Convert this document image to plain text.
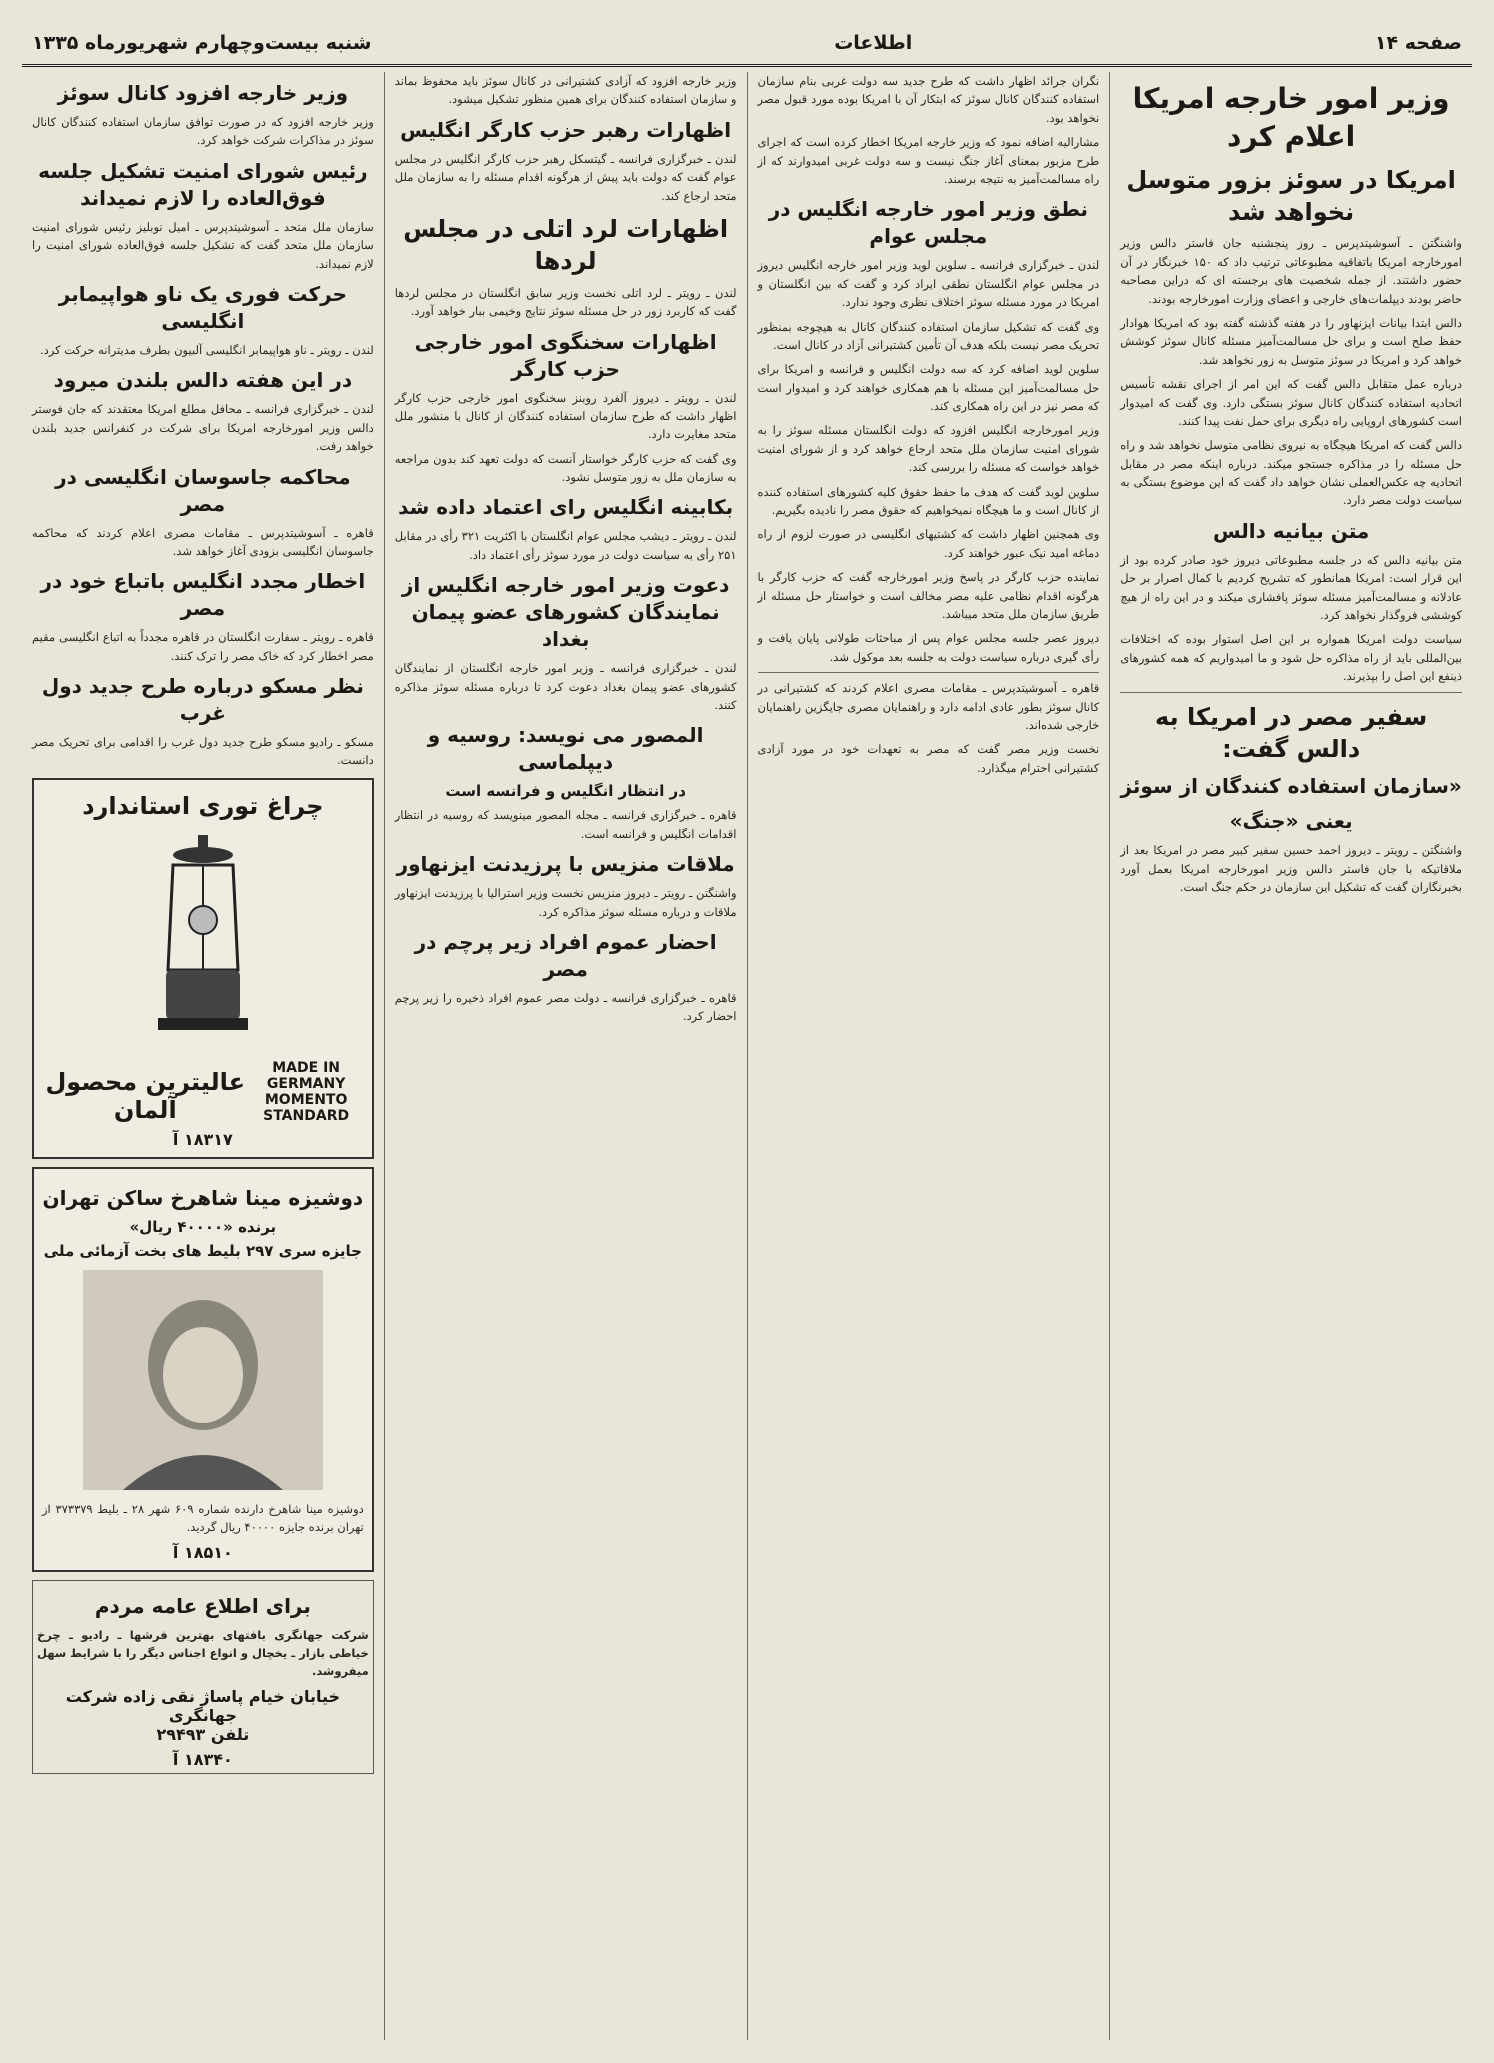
صفحه ۱۴
اطلاعات
شنبه بیست‌وچهارم شهریور‌ماه ۱۳۳۵
وزیر امور خارجه امریکا اعلام کرد
امریکا در سوئز بزور متوسل نخواهد شد

واشنگتن ـ آسوشیتدپرس ـ روز پنجشنبه جان فاستر دالس وزیر امورخارجه امریکا باتفاقیه مطبوعاتی ترتیب داد که ۱۵۰ خبرنگار در آن حضور داشتند. از جمله شخصیت های برجسته ای که دراین مصاحبه حاضر بودند دیپلمات‌های خارجی و اعضای وزارت امورخارجه بودند.

دالس ابتدا بیانات ایزنهاور را در هفته گذشته گفته بود که امریکا هوادار حفظ صلح است و برای حل مسالمت‌آمیز مسئله کانال سوئز کوشش خواهد کرد و امریکا در سوئز متوسل به زور نخواهد شد.

درباره عمل متقابل دالس گفت که این امر از اجرای نقشه تأسیس اتحادیه استفاده کنندگان کانال سوئز بستگی دارد. وی گفت که امیدوار است کشورهای اروپایی راه دیگری برای حمل نفت پیدا کنند.

دالس گفت که امریکا هیچگاه به نیروی نظامی متوسل نخواهد شد و راه حل مسئله را در مذاکره جستجو میکند. درباره اینکه مصر در مقابل اتحادیه چه عکس‌العملی نشان خواهد داد گفت که این موضوع بستگی به سیاست دولت مصر دارد.

متن بیانیه دالس

متن بیانیه دالس که در جلسه مطبوعاتی دیروز خود صادر کرده بود از این قرار است: امریکا همانطور که تشریح کردیم با کمال اصرار بر حل عادلانه و مسالمت‌آمیز مسئله سوئز پافشاری میکند و در این راه از هیچ کوششی فروگذار نخواهد کرد.

سیاست دولت امریکا همواره بر این اصل استوار بوده که اختلافات بین‌المللی باید از راه مذاکره حل شود و ما امیدواریم که همه کشورهای ذینفع این اصل را بپذیرند.

سفیر مصر در امریکا به دالس گفت:
«سازمان استفاده کنندگان از سوئز
یعنی «جنگ»

واشنگتن ـ رویتر ـ دیروز احمد حسین سفیر کبیر مصر در امریکا بعد از ملاقاتیکه با جان فاستر دالس وزیر امورخارجه امریکا بعمل آورد بخبرنگاران گفت که تشکیل این سازمان در حکم جنگ است.

نگران جرائد اظهار داشت که طرح جدید سه دولت غربی بنام سازمان استفاده کنندگان کانال سوئز که ابتکار آن با امریکا بوده مورد قبول مصر نخواهد بود.

مشارالیه اضافه نمود که وزیر خارجه امریکا اخطار کرده است که اجرای طرح مزبور بمعنای آغاز جنگ نیست و سه دولت غربی امیدوارند که از راه مسالمت‌آمیز به نتیجه برسند.

نطق وزیر امور خارجه انگلیس در مجلس عوام

لندن ـ خبرگزاری فرانسه ـ سلوین لوید وزیر امور خارجه انگلیس دیروز در مجلس عوام انگلستان نطقی ایراد کرد و گفت که بین انگلستان و امریکا در مورد مسئله سوئز اختلاف نظری وجود ندارد.

وی گفت که تشکیل سازمان استفاده کنندگان کانال به هیچوجه بمنظور تحریک مصر نیست بلکه هدف آن تأمین کشتیرانی آزاد در کانال است.

سلوین لوید اضافه کرد که سه دولت انگلیس و فرانسه و امریکا برای حل مسالمت‌آمیز این مسئله با هم همکاری خواهند کرد و امیدوار است که مصر نیز در این راه همکاری کند.

وزیر امورخارجه انگلیس افزود که دولت انگلستان مسئله سوئز را به شورای امنیت سازمان ملل متحد ارجاع خواهد کرد و از شورای امنیت خواهد خواست که مسئله را بررسی کند.

سلوین لوید گفت که هدف ما حفظ حقوق کلیه کشورهای استفاده کننده از کانال است و ما هیچگاه نمیخواهیم که حقوق مصر را نادیده بگیریم.

وی همچنین اظهار داشت که کشتیهای انگلیسی در صورت لزوم از راه دماغه امید نیک عبور خواهند کرد.

نماینده حزب کارگر در پاسخ وزیر امورخارجه گفت که حزب کارگر با هرگونه اقدام نظامی علیه مصر مخالف است و خواستار حل مسئله از طریق سازمان ملل متحد میباشد.

دیروز عصر جلسه مجلس عوام پس از مباحثات طولانی پایان یافت و رأی گیری درباره سیاست دولت به جلسه بعد موکول شد.

قاهره ـ آسوشیتدپرس ـ مقامات مصری اعلام کردند که کشتیرانی در کانال سوئز بطور عادی ادامه دارد و راهنمایان مصری جایگزین راهنمایان خارجی شده‌اند.

نخست وزیر مصر گفت که مصر به تعهدات خود در مورد آزادی کشتیرانی احترام میگذارد.

وزیر خارجه افزود که آزادی کشتیرانی در کانال سوئز باید محفوظ بماند و سازمان استفاده کنندگان برای همین منظور تشکیل میشود.

اظهارات رهبر حزب کارگر انگلیس

لندن ـ خبرگزاری فرانسه ـ گیتسکل رهبر حزب کارگر انگلیس در مجلس عوام گفت که دولت باید پیش از هرگونه اقدام مسئله را به سازمان ملل متحد ارجاع کند.

اظهارات لرد اتلی در مجلس لردها

لندن ـ رویتر ـ لرد اتلی نخست وزیر سابق انگلستان در مجلس لردها گفت که کاربرد زور در حل مسئله سوئز نتایج وخیمی ببار خواهد آورد.

اظهارات سخنگوی امور خارجی حزب کارگر

لندن ـ رویتر ـ دیروز آلفرد روبنز سخنگوی امور خارجی حزب کارگر اظهار داشت که طرح سازمان استفاده کنندگان از کانال با منشور ملل متحد مغایرت دارد.

وی گفت که حزب کارگر خواستار آنست که دولت تعهد کند بدون مراجعه به سازمان ملل به زور متوسل نشود.

بکابینه انگلیس رای اعتماد داده شد

لندن ـ رویتر ـ دیشب مجلس عوام انگلستان با اکثریت ۳۲۱ رأی در مقابل ۲۵۱ رأی به سیاست دولت در مورد سوئز رأی اعتماد داد.

دعوت وزیر امور خارجه انگلیس از نمایندگان کشورهای عضو پیمان بغداد

لندن ـ خبرگزاری فرانسه ـ وزیر امور خارجه انگلستان از نمایندگان کشورهای عضو پیمان بغداد دعوت کرد تا درباره مسئله سوئز مذاکره کنند.

المصور می نویسد: روسیه و دیپلماسی
در انتظار انگلیس و فرانسه است

قاهره ـ خبرگزاری فرانسه ـ مجله المصور مینویسد که روسیه در انتظار اقدامات انگلیس و فرانسه است.

ملاقات منزیس با پرزیدنت ایزنهاور

واشنگتن ـ رویتر ـ دیروز منزیس نخست وزیر استرالیا با پرزیدنت ایزنهاور ملاقات و درباره مسئله سوئز مذاکره کرد.

احضار عموم افراد زیر پرچم در مصر

قاهره ـ خبرگزاری فرانسه ـ دولت مصر عموم افراد ذخیره را زیر پرچم احضار کرد.

وزیر خارجه افزود کانال سوئز

وزیر خارجه افزود که در صورت توافق سازمان استفاده کنندگان کانال سوئز در مذاکرات شرکت خواهد کرد.

رئیس شورای امنیت تشکیل جلسه فوق‌العاده را لازم نمیداند

سازمان ملل متحد ـ آسوشیتدپرس ـ امیل نوبلیز رئیس شورای امنیت سازمان ملل متحد گفت که تشکیل جلسه فوق‌العاده شورای امنیت را لازم نمیداند.

حرکت فوری یک ناو هواپیمابر انگلیسی

لندن ـ رویتر ـ ناو هواپیمابر انگلیسی آلبیون بطرف مدیترانه حرکت کرد.

در این هفته دالس بلندن میرود

لندن ـ خبرگزاری فرانسه ـ محافل مطلع امریکا معتقدند که جان فوستر دالس وزیر امورخارجه امریکا برای شرکت در کنفرانس جدید بلندن خواهد رفت.

محاکمه جاسوسان انگلیسی در مصر

قاهره ـ آسوشیتدپرس ـ مقامات مصری اعلام کردند که محاکمه جاسوسان انگلیسی بزودی آغاز خواهد شد.

اخطار مجدد انگلیس باتباع خود در مصر

قاهره ـ رویتر ـ سفارت انگلستان در قاهره مجدداً به اتباع انگلیسی مقیم مصر اخطار کرد که خاک مصر را ترک کنند.

نظر مسکو درباره طرح جدید دول غرب

مسکو ـ رادیو مسکو طرح جدید دول غرب را اقدامی برای تحریک مصر دانست.

چراغ توری استاندارد
MADE IN GERMANY
MOMENTO
STANDARD
عالیترین محصول آلمان
۱۸۳۱۷ آ
دوشیزه مینا شاهرخ ساکن تهران
برنده «۴۰۰۰۰ ریال»
جایزه سری ۲۹۷ بلیط های بخت آزمائی ملی

دوشیزه مینا شاهرخ دارنده شماره ۶۰۹ شهر ۲۸ ـ بلیط ۳۷۳۳۷۹ از تهران برنده جایزه ۴۰۰۰۰ ریال گردید.

۱۸۵۱۰ آ
برای اطلاع عامه مردم

شرکت جهانگری بافتهای بهترین فرشها ـ رادیو ـ چرخ خیاطی بازار ـ یخچال و انواع اجناس دیگر را با شرایط سهل میفروشد.

خیابان خیام پاساژ نقی زاده شرکت جهانگری
تلفن ۲۹۴۹۳
۱۸۳۴۰ آ
